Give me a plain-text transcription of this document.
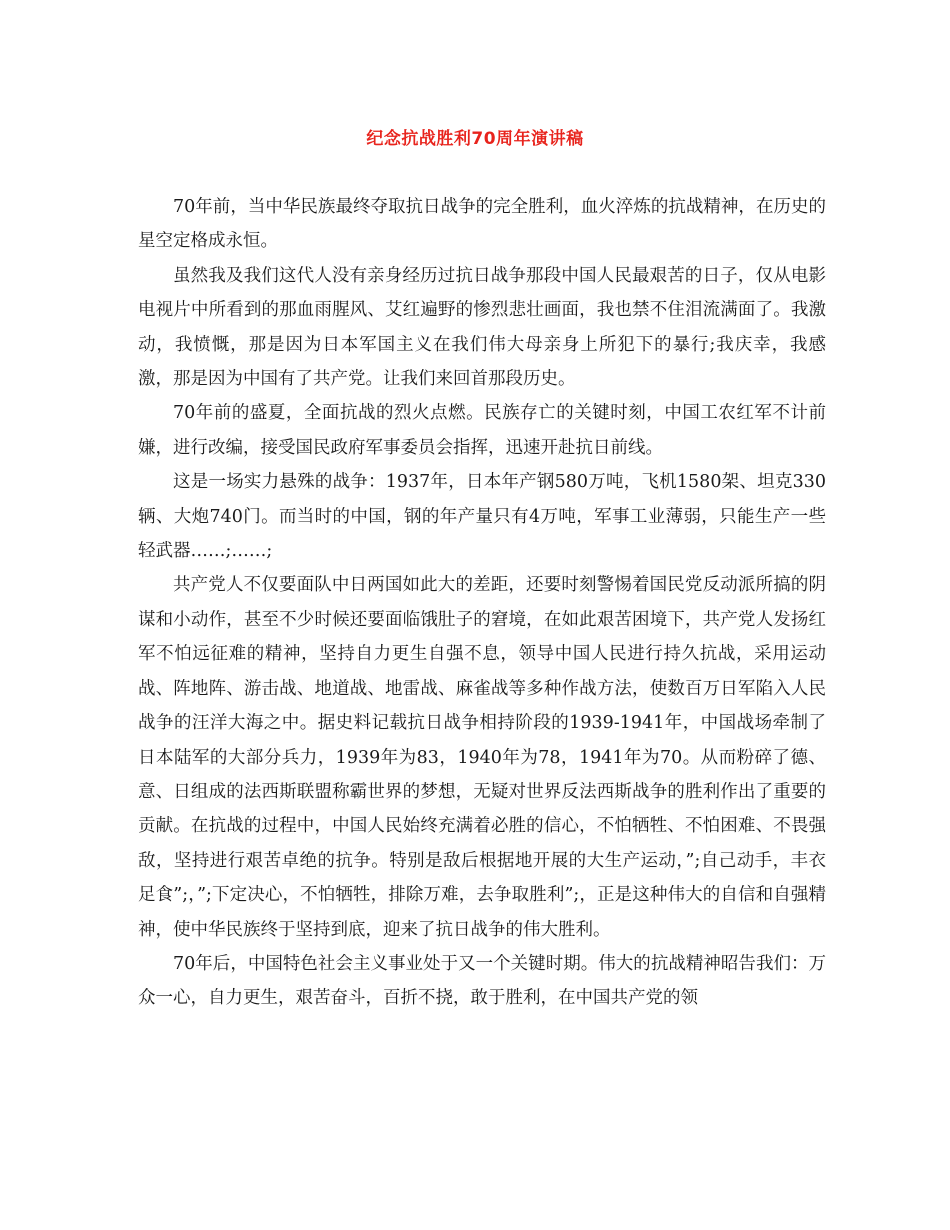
纪念抗战胜利70周年演讲稿

70年前，当中华民族最终夺取抗日战争的完全胜利，血火淬炼的抗战精神，在历史的星空定格成永恒。

虽然我及我们这代人没有亲身经历过抗日战争那段中国人民最艰苦的日子，仅从电影电视片中所看到的那血雨腥风、艾红遍野的惨烈悲壮画面，我也禁不住泪流满面了。我激动，我愤慨，那是因为日本军国主义在我们伟大母亲身上所犯下的暴行;我庆幸，我感激，那是因为中国有了共产党。让我们来回首那段历史。

70年前的盛夏，全面抗战的烈火点燃。民族存亡的关键时刻，中国工农红军不计前嫌，进行改编，接受国民政府军事委员会指挥，迅速开赴抗日前线。

这是一场实力悬殊的战争：1937年，日本年产钢580万吨，飞机1580架、坦克330辆、大炮740门。而当时的中国，钢的年产量只有4万吨，军事工业薄弱，只能生产一些轻武器……;……;

共产党人不仅要面队中日两国如此大的差距，还要时刻警惕着国民党反动派所搞的阴谋和小动作，甚至不少时候还要面临饿肚子的窘境，在如此艰苦困境下，共产党人发扬红军不怕远征难的精神，坚持自力更生自强不息，领导中国人民进行持久抗战，采用运动战、阵地阵、游击战、地道战、地雷战、麻雀战等多种作战方法，使数百万日军陷入人民战争的汪洋大海之中。据史料记载抗日战争相持阶段的1939-1941年，中国战场牵制了日本陆军的大部分兵力，1939年为83，1940年为78，1941年为70。从而粉碎了德、意、日组成的法西斯联盟称霸世界的梦想，无疑对世界反法西斯战争的胜利作出了重要的贡献。在抗战的过程中，中国人民始终充满着必胜的信心，不怕牺牲、不怕困难、不畏强敌，坚持进行艰苦卓绝的抗争。特别是敌后根据地开展的大生产运动，”;自己动手，丰衣足食”;，”;下定决心，不怕牺牲，排除万难，去争取胜利”;，正是这种伟大的自信和自强精神，使中华民族终于坚持到底，迎来了抗日战争的伟大胜利。

70年后，中国特色社会主义事业处于又一个关键时期。伟大的抗战精神昭告我们：万众一心，自力更生，艰苦奋斗，百折不挠，敢于胜利，在中国共产党的领
